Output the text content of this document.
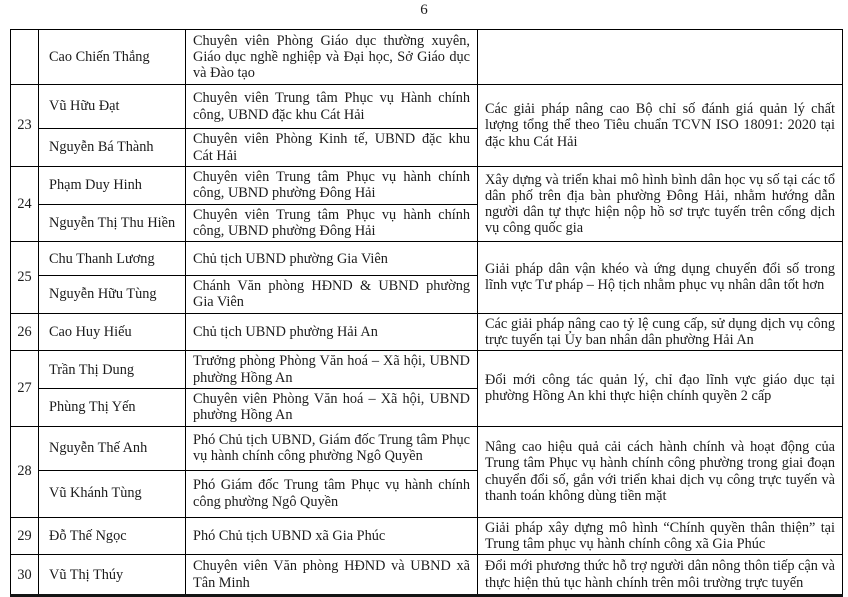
6
	Cao Chiến Thắng	Chuyên viên Phòng Giáo dục thường xuyên, Giáo dục nghề nghiệp và Đại học, Sở Giáo dục và Đào tạo	
23	Vũ Hữu Đạt	Chuyên viên Trung tâm Phục vụ Hành chính công, UBND đặc khu Cát Hải	Các giải pháp nâng cao Bộ chỉ số đánh giá quản lý chất lượng tổng thể theo Tiêu chuẩn TCVN ISO 18091: 2020 tại đặc khu Cát Hải
	Nguyễn Bá Thành	Chuyên viên Phòng Kinh tế, UBND đặc khu Cát Hải	
24	Phạm Duy Hinh	Chuyên viên Trung tâm Phục vụ hành chính công, UBND phường Đông Hải	Xây dựng và triển khai mô hình bình dân học vụ số tại các tổ dân phố trên địa bàn phường Đông Hải, nhằm hướng dẫn người dân tự thực hiện nộp hồ sơ trực tuyến trên cổng dịch vụ công quốc gia
	Nguyễn Thị Thu Hiền	Chuyên viên Trung tâm Phục vụ hành chính công, UBND phường Đông Hải	
25	Chu Thanh Lương	Chủ tịch UBND phường Gia Viên	Giải pháp dân vận khéo và ứng dụng chuyển đổi số trong lĩnh vực Tư pháp – Hộ tịch nhằm phục vụ nhân dân tốt hơn
	Nguyễn Hữu Tùng	Chánh Văn phòng HĐND & UBND phường Gia Viên	
26	Cao Huy Hiếu	Chủ tịch UBND phường Hải An	Các giải pháp nâng cao tỷ lệ cung cấp, sử dụng dịch vụ công trực tuyến tại Ủy ban nhân dân phường Hải An
27	Trần Thị Dung	Trưởng phòng Phòng Văn hoá – Xã hội, UBND phường Hồng An	Đổi mới công tác quản lý, chỉ đạo lĩnh vực giáo dục tại phường Hồng An khi thực hiện chính quyền 2 cấp
	Phùng Thị Yến	Chuyên viên Phòng Văn hoá – Xã hội, UBND phường Hồng An	
28	Nguyễn Thế Anh	Phó Chủ tịch UBND, Giám đốc Trung tâm Phục vụ hành chính công phường Ngô Quyền	Nâng cao hiệu quả cải cách hành chính và hoạt động của Trung tâm Phục vụ hành chính công phường trong giai đoạn chuyển đổi số, gắn với triển khai dịch vụ công trực tuyến và thanh toán không dùng tiền mặt
	Vũ Khánh Tùng	Phó Giám đốc Trung tâm Phục vụ hành chính công phường Ngô Quyền	
29	Đỗ Thế Ngọc	Phó Chủ tịch UBND xã Gia Phúc	Giải pháp xây dựng mô hình “Chính quyền thân thiện” tại Trung tâm phục vụ hành chính công xã Gia Phúc
30	Vũ Thị Thúy	Chuyên viên Văn phòng HĐND và UBND xã Tân Minh	Đổi mới phương thức hỗ trợ người dân nông thôn tiếp cận và thực hiện thủ tục hành chính trên môi trường trực tuyến
